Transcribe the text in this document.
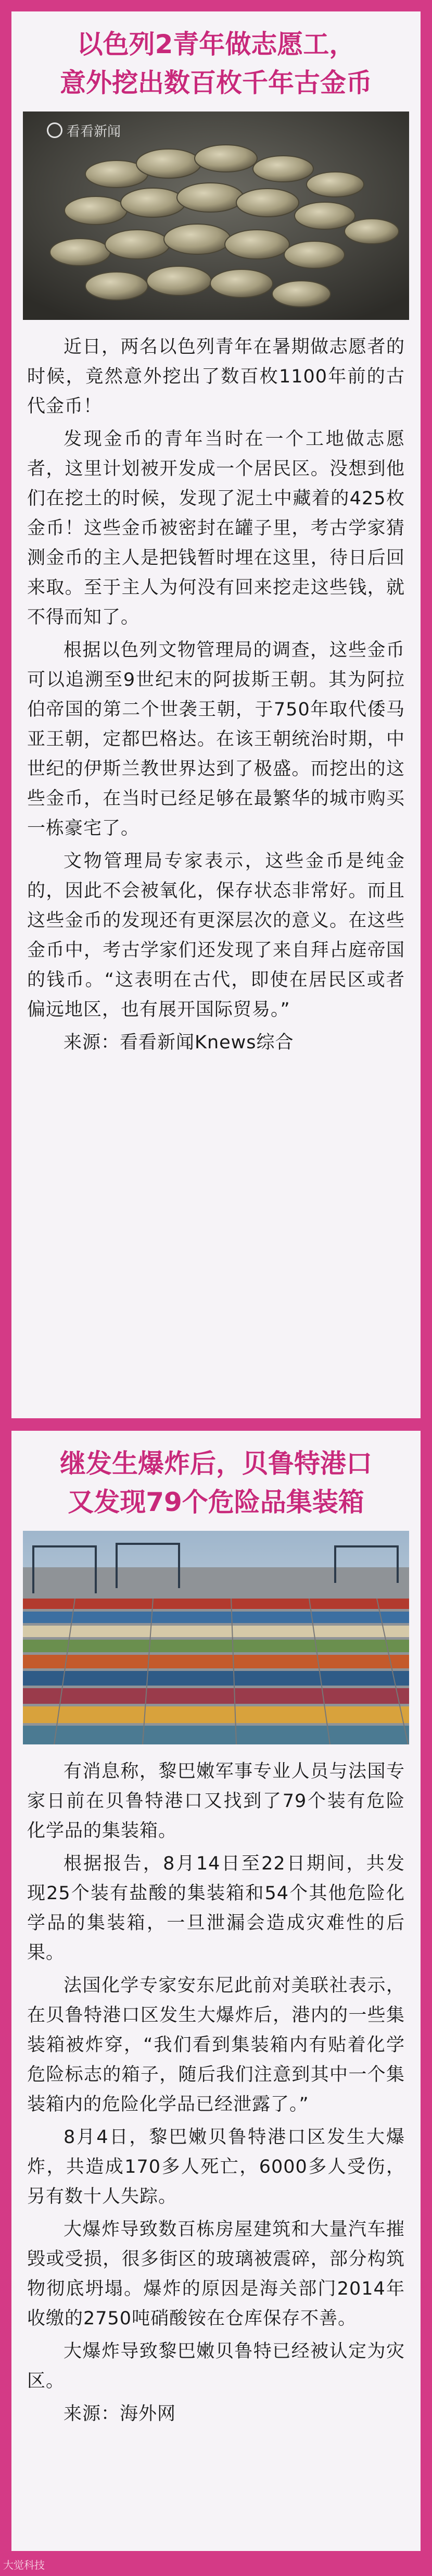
以色列2青年做志愿工，
意外挖出数百枚千年古金币
看看新闻

近日，两名以色列青年在暑期做志愿者的时候，竟然意外挖出了数百枚1100年前的古代金币！

发现金币的青年当时在一个工地做志愿者，这里计划被开发成一个居民区。没想到他们在挖土的时候，发现了泥土中藏着的425枚金币！这些金币被密封在罐子里，考古学家猜测金币的主人是把钱暂时埋在这里，待日后回来取。至于主人为何没有回来挖走这些钱，就不得而知了。

根据以色列文物管理局的调查，这些金币可以追溯至9世纪末的阿拔斯王朝。其为阿拉伯帝国的第二个世袭王朝，于750年取代倭马亚王朝，定都巴格达。在该王朝统治时期，中世纪的伊斯兰教世界达到了极盛。而挖出的这些金币，在当时已经足够在最繁华的城市购买一栋豪宅了。

文物管理局专家表示，这些金币是纯金的，因此不会被氧化，保存状态非常好。而且这些金币的发现还有更深层次的意义。在这些金币中，考古学家们还发现了来自拜占庭帝国的钱币。“这表明在古代，即使在居民区或者偏远地区，也有展开国际贸易。”

来源：看看新闻Knews综合

继发生爆炸后，贝鲁特港口
又发现79个危险品集装箱

有消息称，黎巴嫩军事专业人员与法国专家日前在贝鲁特港口又找到了79个装有危险化学品的集装箱。

根据报告，8月14日至22日期间，共发现25个装有盐酸的集装箱和54个其他危险化学品的集装箱，一旦泄漏会造成灾难性的后果。

法国化学专家安东尼此前对美联社表示，在贝鲁特港口区发生大爆炸后，港内的一些集装箱被炸穿，“我们看到集装箱内有贴着化学危险标志的箱子，随后我们注意到其中一个集装箱内的危险化学品已经泄露了。”

8月4日，黎巴嫩贝鲁特港口区发生大爆炸，共造成170多人死亡，6000多人受伤，另有数十人失踪。

大爆炸导致数百栋房屋建筑和大量汽车摧毁或受损，很多街区的玻璃被震碎，部分构筑物彻底坍塌。爆炸的原因是海关部门2014年收缴的2750吨硝酸铵在仓库保存不善。

大爆炸导致黎巴嫩贝鲁特已经被认定为灾区。

来源：海外网

大觉科技
